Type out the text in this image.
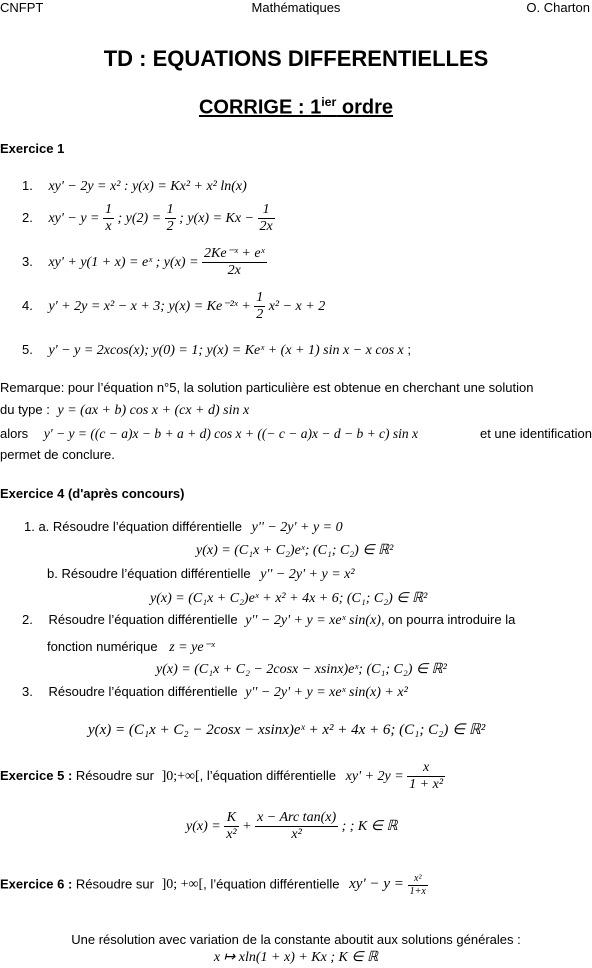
CNFPT	Mathématiques	O. Charton
TD : EQUATIONS DIFFERENTIELLES
CORRIGE : $1^{ier}$ ordre
Exercice 1
1. xy' − 2y = x² : y(x) = Kx² + x² ln(x)
2. $xy' - y = \frac{1}{x}$ ; $y(2) = \frac{1}{2}$ ; $y(x) = Kx - \frac{1}{2x}$
3. xy' + y(1 + x) = eˣ ; $y(x) = \frac{\text{2Ke⁻ˣ + eˣ}}{2x}$
4. y' + 2y = x² − x + 3; y(x) = Ke⁻²ˣ + $\frac{1}{2} x^2 - x + 2$
5. y' − y = 2xcos(x); y(0) = 1; y(x) = Keˣ + (x + 1) sin x − x cos x ;
Remarque: pour l’équation n°5, la solution particulière est obtenue en cherchant une solution
du type : y = (ax + b) cos x + (cx + d) sin x
alors y' − y = ((c − a)x − b + a + d) cos x + ((− c − a)x − d − b + c) sin x	et une identification
permet de conclure.
Exercice 4 (d'après concours)
1. a. Résoudre l’équation différentielle y'' − 2y' + y = 0
y(x) = (C₁x + C₂)eˣ; (C₁; C₂) ∈ ℝ²
b. Résoudre l’équation différentielle y'' − 2y' + y = x²
y(x) = (C₁x + C₂)eˣ + x² + 4x + 6; (C₁; C₂) ∈ ℝ²
2. Résoudre l’équation différentielle y'' − 2y' + y = xeˣ sin(x), on pourra introduire la
fonction numérique z = ye⁻ˣ
y(x) = (C₁x + C₂ − 2cosx − xsinx)eˣ; (C₁; C₂) ∈ ℝ²
3. Résoudre l’équation différentielle y'' − 2y' + y = xeˣ sin(x) + x²
y(x) = (C₁x + C₂ − 2cosx − xsinx)eˣ + x² + 4x + 6; (C₁; C₂) ∈ ℝ²
Exercice 5 : Résoudre sur ]0;+∞[, l’équation différentielle $xy' + 2y = \frac{x}{\text{1 + x²}}$
$y(x) = \frac{K}{\text{x²}} + \frac{\text{x − Arc tan(x)}}{\text{x²}}$ ; ; K ∈ ℝ
Exercice 6 : Résoudre sur ]0; +∞[, l’équation différentielle $xy' - y = \frac{\text{x²}}{1+x}$
Une résolution avec variation de la constante aboutit aux solutions générales :
x ↦ xln(1 + x) + Kx ; K ∈ ℝ
